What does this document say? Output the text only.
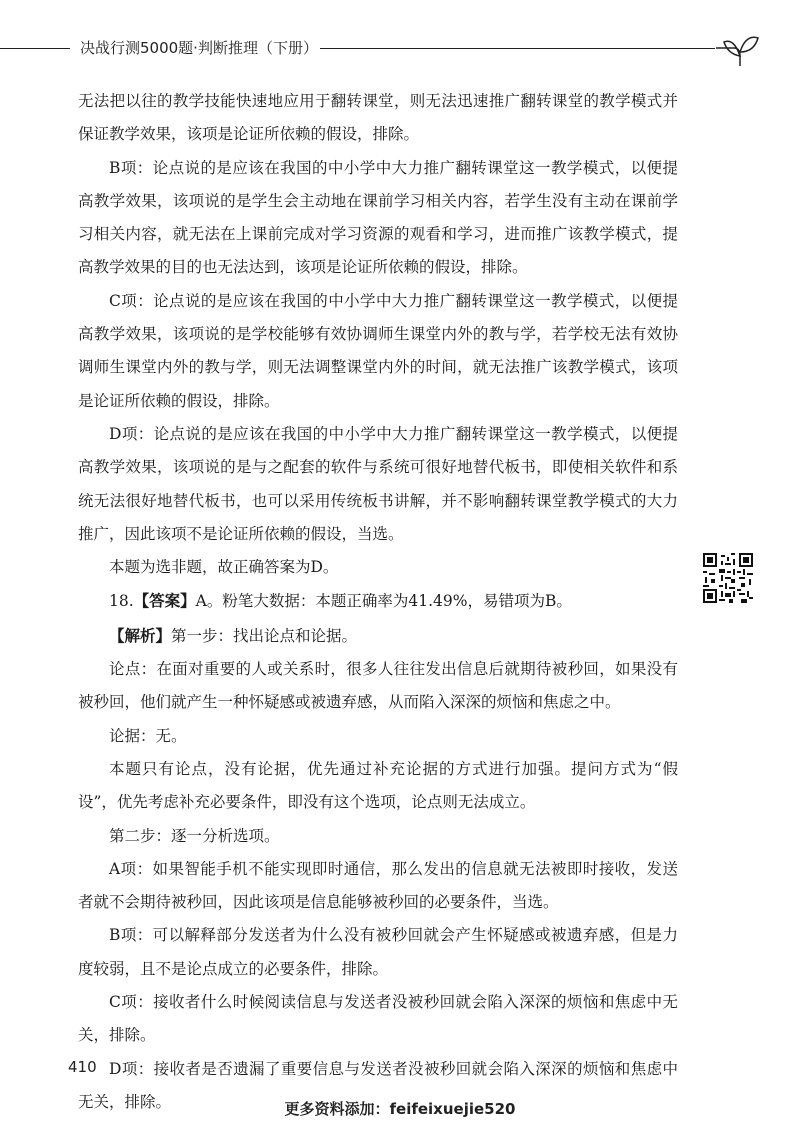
决战行测5000题·判断推理（下册）

无法把以往的教学技能快速地应用于翻转课堂，则无法迅速推广翻转课堂的教学模式并保证教学效果，该项是论证所依赖的假设，排除。

B项：论点说的是应该在我国的中小学中大力推广翻转课堂这一教学模式，以便提高教学效果，该项说的是学生会主动地在课前学习相关内容，若学生没有主动在课前学习相关内容，就无法在上课前完成对学习资源的观看和学习，进而推广该教学模式，提高教学效果的目的也无法达到，该项是论证所依赖的假设，排除。

C项：论点说的是应该在我国的中小学中大力推广翻转课堂这一教学模式，以便提高教学效果，该项说的是学校能够有效协调师生课堂内外的教与学，若学校无法有效协调师生课堂内外的教与学，则无法调整课堂内外的时间，就无法推广该教学模式，该项是论证所依赖的假设，排除。

D项：论点说的是应该在我国的中小学中大力推广翻转课堂这一教学模式，以便提高教学效果，该项说的是与之配套的软件与系统可很好地替代板书，即使相关软件和系统无法很好地替代板书，也可以采用传统板书讲解，并不影响翻转课堂教学模式的大力推广，因此该项不是论证所依赖的假设，当选。

本题为选非题，故正确答案为D。

18.【答案】A。粉笔大数据：本题正确率为41.49%，易错项为B。

【解析】第一步：找出论点和论据。

论点：在面对重要的人或关系时，很多人往往发出信息后就期待被秒回，如果没有被秒回，他们就产生一种怀疑感或被遗弃感，从而陷入深深的烦恼和焦虑之中。

论据：无。

本题只有论点，没有论据，优先通过补充论据的方式进行加强。提问方式为“假设”，优先考虑补充必要条件，即没有这个选项，论点则无法成立。

第二步：逐一分析选项。

A项：如果智能手机不能实现即时通信，那么发出的信息就无法被即时接收，发送者就不会期待被秒回，因此该项是信息能够被秒回的必要条件，当选。

B项：可以解释部分发送者为什么没有被秒回就会产生怀疑感或被遗弃感，但是力度较弱，且不是论点成立的必要条件，排除。

C项：接收者什么时候阅读信息与发送者没被秒回就会陷入深深的烦恼和焦虑中无关，排除。

D项：接收者是否遗漏了重要信息与发送者没被秒回就会陷入深深的烦恼和焦虑中无关，排除。

410
更多资料添加：feifeixuejie520
